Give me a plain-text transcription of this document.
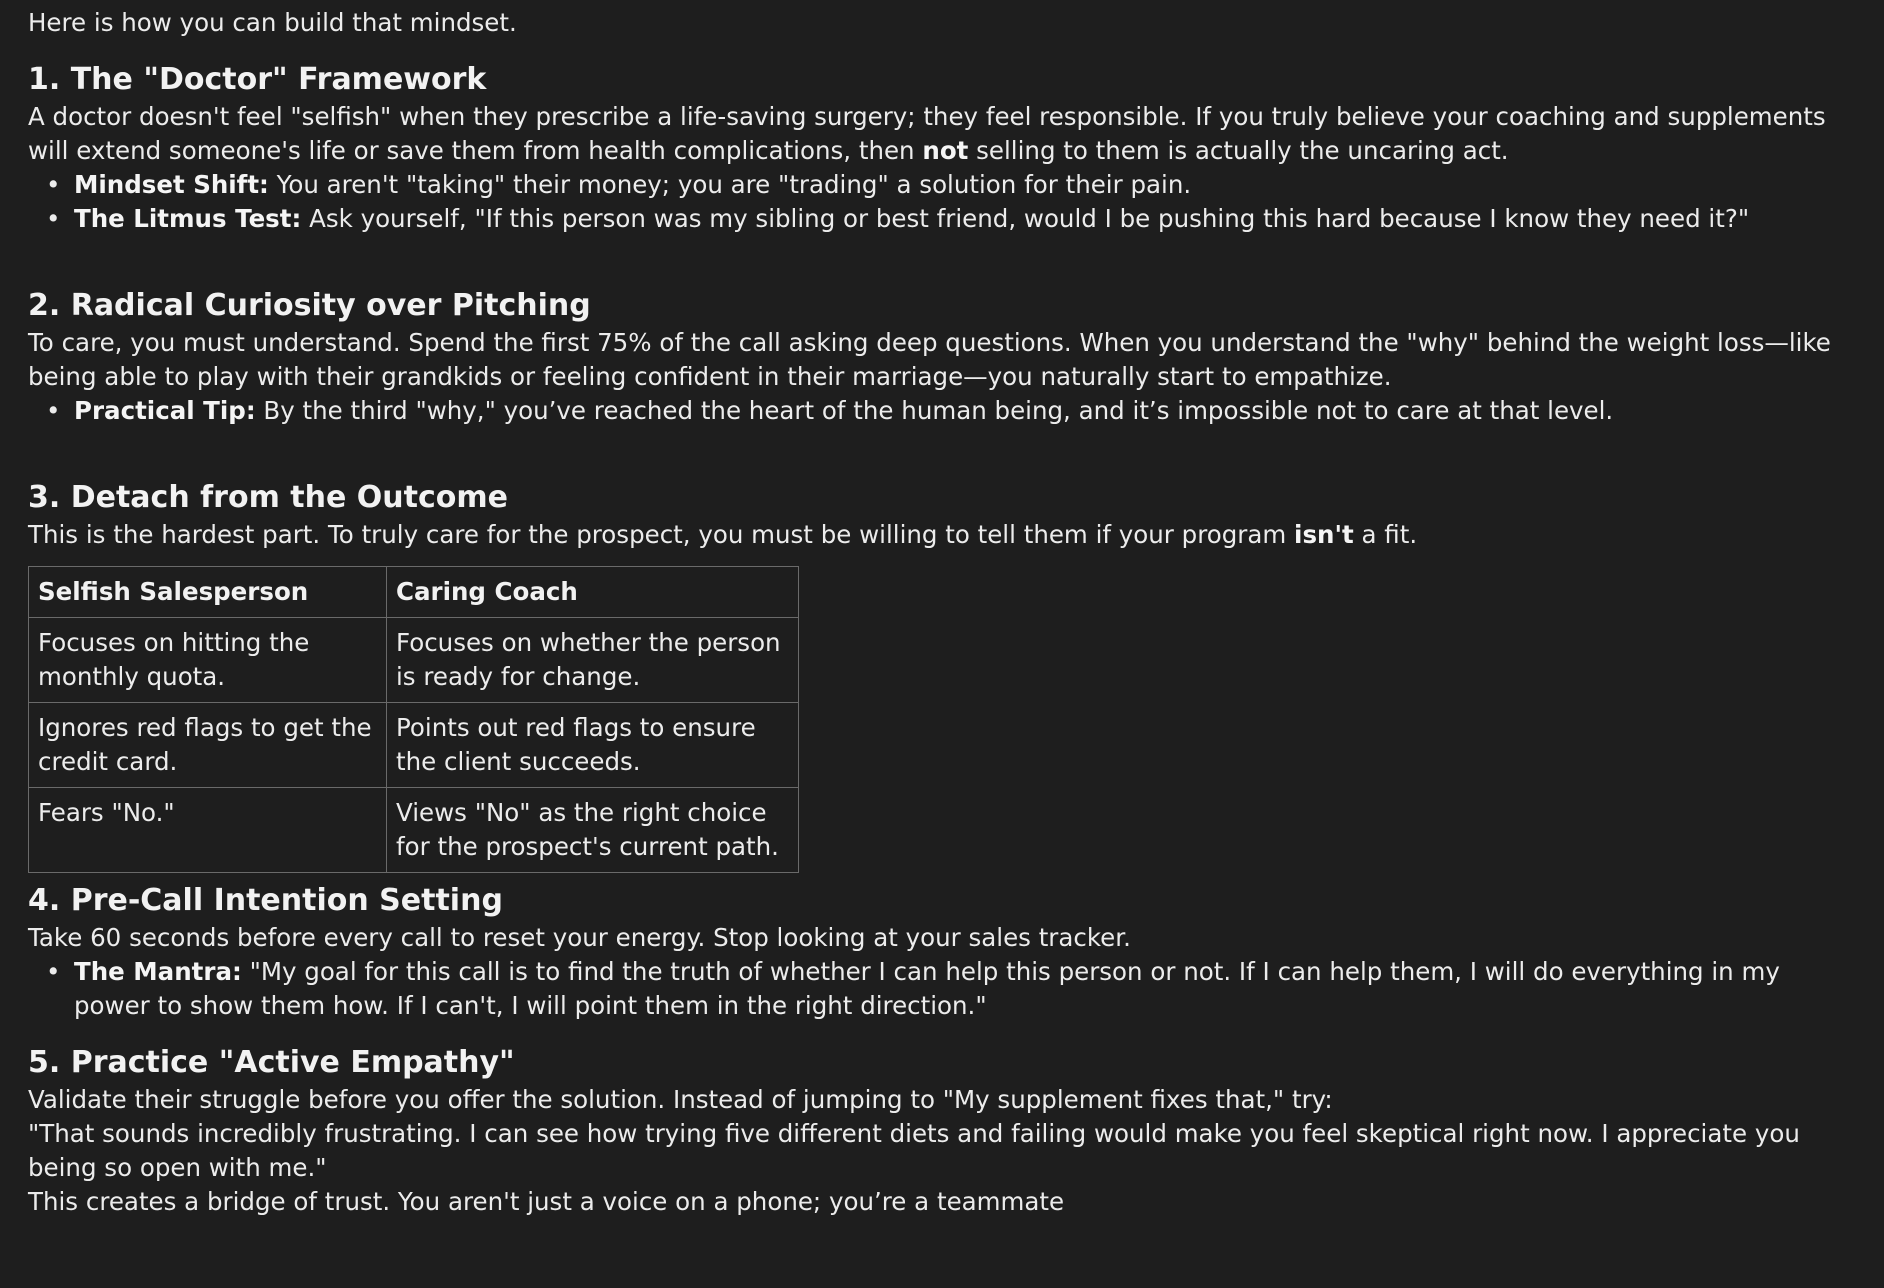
Here is how you can build that mindset.

1. The "Doctor" Framework

A doctor doesn't feel "selfish" when they prescribe a life-saving surgery; they feel responsible. If you truly believe your coaching and supplements will extend someone's life or save them from health complications, then not selling to them is actually the uncaring act.

• Mindset Shift: You aren't "taking" their money; you are "trading" a solution for their pain.
• The Litmus Test: Ask yourself, "If this person was my sibling or best friend, would I be pushing this hard because I know they need it?"
2. Radical Curiosity over Pitching

To care, you must understand. Spend the first 75% of the call asking deep questions. When you understand the "why" behind the weight loss—like being able to play with their grandkids or feeling confident in their marriage—you naturally start to empathize.

• Practical Tip: By the third "why," you’ve reached the heart of the human being, and it’s impossible not to care at that level.
3. Detach from the Outcome

This is the hardest part. To truly care for the prospect, you must be willing to tell them if your program isn't a fit.

Selfish Salesperson	Caring Coach
Focuses on hitting the monthly quota.	Focuses on whether the person is ready for change.
Ignores red flags to get the credit card.	Points out red flags to ensure the client succeeds.
Fears "No."	Views "No" as the right choice for the prospect's current path.
4. Pre-Call Intention Setting

Take 60 seconds before every call to reset your energy. Stop looking at your sales tracker.

• The Mantra: "My goal for this call is to find the truth of whether I can help this person or not. If I can help them, I will do everything in my power to show them how. If I can't, I will point them in the right direction."
5. Practice "Active Empathy"

Validate their struggle before you offer the solution. Instead of jumping to "My supplement fixes that," try:

"That sounds incredibly frustrating. I can see how trying five different diets and failing would make you feel skeptical right now. I appreciate you being so open with me."

This creates a bridge of trust. You aren't just a voice on a phone; you’re a teammate
